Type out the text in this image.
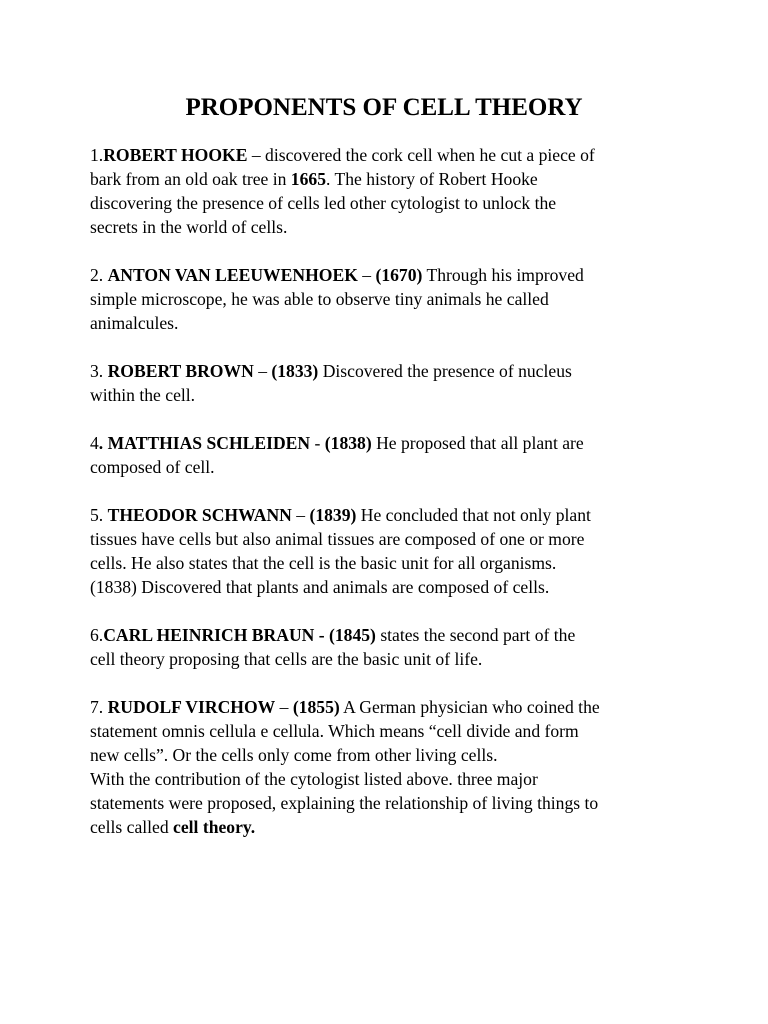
PROPONENTS OF CELL THEORY

1.ROBERT HOOKE – discovered the cork cell when he cut a piece of
bark from an old oak tree in 1665. The history of Robert Hooke
discovering the presence of cells led other cytologist to unlock the
secrets in the world of cells.

2. ANTON VAN LEEUWENHOEK – (1670) Through his improved
simple microscope, he was able to observe tiny animals he called
animalcules.

3. ROBERT BROWN – (1833) Discovered the presence of nucleus
within the cell.

4. MATTHIAS SCHLEIDEN - (1838) He proposed that all plant are
composed of cell.

5. THEODOR SCHWANN – (1839) He concluded that not only plant
tissues have cells but also animal tissues are composed of one or more
cells. He also states that the cell is the basic unit for all organisms.
(1838) Discovered that plants and animals are composed of cells.

6.CARL HEINRICH BRAUN - (1845) states the second part of the
cell theory proposing that cells are the basic unit of life.

7. RUDOLF VIRCHOW – (1855) A German physician who coined the
statement omnis cellula e cellula. Which means “cell divide and form
new cells”. Or the cells only come from other living cells.
With the contribution of the cytologist listed above. three major
statements were proposed, explaining the relationship of living things to
cells called cell theory.
